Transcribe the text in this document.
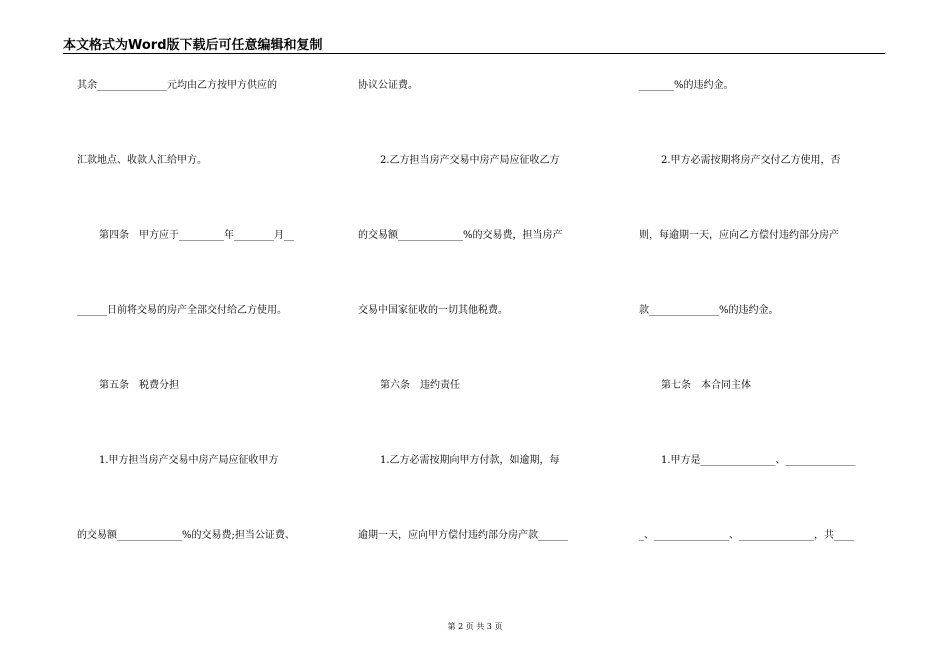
本文格式为Word版下载后可任意编辑和复制
其余______________元均由乙方按甲方供应的
汇款地点、收款人汇给甲方。
第四条　甲方应于_________年________月__
______日前将交易的房产全部交付给乙方使用。
第五条　税费分担
1.甲方担当房产交易中房产局应征收甲方
的交易额_____________%的交易费;担当公证费、
协议公证费。
2.乙方担当房产交易中房产局应征收乙方
的交易额_____________%的交易费，担当房产
交易中国家征收的一切其他税费。
第六条　违约责任
1.乙方必需按期向甲方付款，如逾期，每
逾期一天，应向甲方偿付违约部分房产款______
_______%的违约金。
2.甲方必需按期将房产交付乙方使用，否
则，每逾期一天，应向乙方偿付违约部分房产
款______________%的违约金。
第七条　本合同主体
1.甲方是_______________、______________
_、_______________、_______________，共____
第 2 页 共 3 页
